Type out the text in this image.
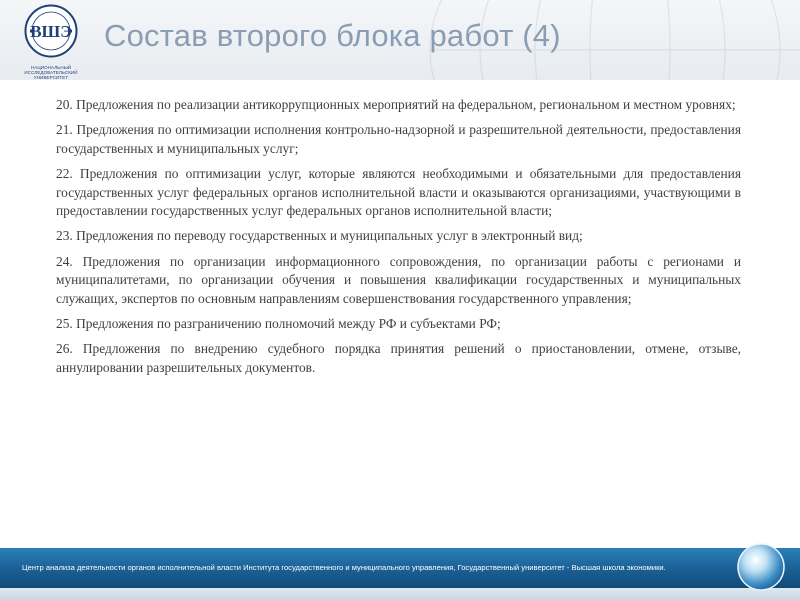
ВШЭ
НАЦИОНАЛЬНЫЙ ИССЛЕДОВАТЕЛЬСКИЙ
УНИВЕРСИТЕТ
Состав второго блока работ (4)

20. Предложения по реализации антикоррупционных мероприятий на федеральном, региональном и местном уровнях;

21. Предложения по оптимизации исполнения контрольно-надзорной и разрешительной деятельности, предоставления государственных и муниципальных услуг;

22. Предложения по оптимизации услуг, которые являются необходимыми и обязательными для предоставления государственных услуг федеральных органов исполнительной власти и оказываются организациями, участвующими в предоставлении государственных услуг федеральных органов исполнительной власти;

23. Предложения по переводу государственных и муниципальных услуг в электронный вид;

24. Предложения по организации информационного сопровождения, по организации работы с регионами и муниципалитетами, по организации обучения и повышения квалификации государственных и муниципальных служащих, экспертов по основным направлениям совершенствования государственного управления;

25. Предложения по разграничению полномочий между РФ и субъектами РФ;

26. Предложения по внедрению судебного порядка принятия решений о приостановлении, отмене, отзыве, аннулировании разрешительных документов.

Центр анализа деятельности органов исполнительной власти Института государственного и муниципального управления, Государственный университет - Высшая школа экономики.
